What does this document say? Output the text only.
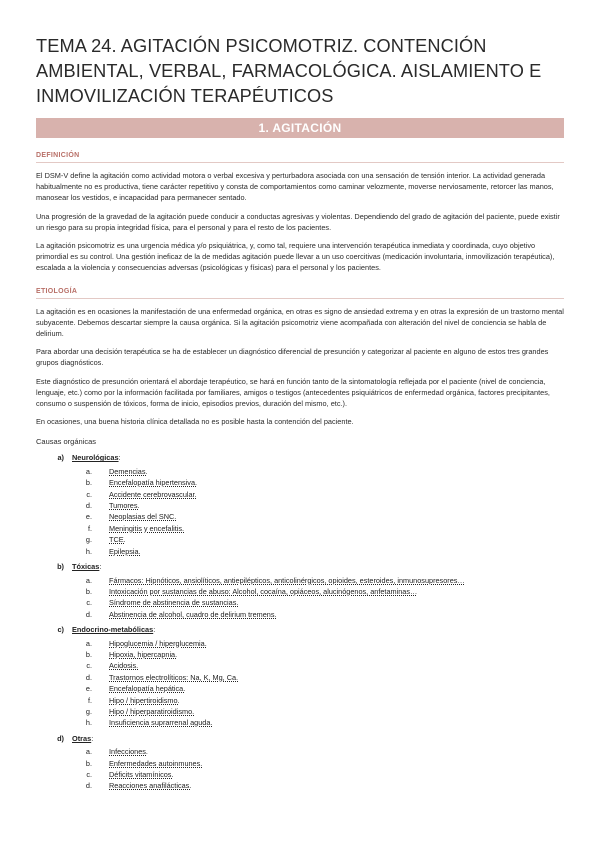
TEMA 24. AGITACIÓN PSICOMOTRIZ. CONTENCIÓN AMBIENTAL, VERBAL, FARMACOLÓGICA. AISLAMIENTO E INMOVILIZACIÓN TERAPÉUTICOS
1. AGITACIÓN
DEFINICIÓN

El DSM-V define la agitación como actividad motora o verbal excesiva y perturbadora asociada con una sensación de tensión interior. La actividad generada habitualmente no es productiva, tiene carácter repetitivo y consta de comportamientos como caminar velozmente, moverse nerviosamente, retorcer las manos, manosear los vestidos, e incapacidad para permanecer sentado.

Una progresión de la gravedad de la agitación puede conducir a conductas agresivas y violentas. Dependiendo del grado de agitación del paciente, puede existir un riesgo para su propia integridad física, para el personal y para el resto de los pacientes.

La agitación psicomotriz es una urgencia médica y/o psiquiátrica, y, como tal, requiere una intervención terapéutica inmediata y coordinada, cuyo objetivo primordial es su control. Una gestión ineficaz de la de medidas agitación puede llevar a un uso coercitivas (medicación involuntaria, inmovilización terapéutica), escalada a la violencia y consecuencias adversas (psicológicas y físicas) para el personal y los pacientes.

ETIOLOGÍA

La agitación es en ocasiones la manifestación de una enfermedad orgánica, en otras es signo de ansiedad extrema y en otras la expresión de un trastorno mental subyacente. Debemos descartar siempre la causa orgánica. Si la agitación psicomotriz viene acompañada con alteración del nivel de conciencia se habla de delirium.

Para abordar una decisión terapéutica se ha de establecer un diagnóstico diferencial de presunción y categorizar al paciente en alguno de estos tres grandes grupos diagnósticos.

Este diagnóstico de presunción orientará el abordaje terapéutico, se hará en función tanto de la sintomatología reflejada por el paciente (nivel de conciencia, lenguaje, etc.) como por la información facilitada por familiares, amigos o testigos (antecedentes psiquiátricos de enfermedad orgánica, factores precipitantes, consumo o suspensión de tóxicos, forma de inicio, episodios previos, duración del mismo, etc.).

En ocasiones, una buena historia clínica detallada no es posible hasta la contención del paciente.

Causas orgánicas
a) Neurológicas:
a. Demencias.
b. Encefalopatía hipertensiva.
c. Accidente cerebrovascular.
d. Tumores.
e. Neoplasias del SNC.
f. Meningitis y encefalitis.
g. TCE.
h. Epilepsia.
b) Tóxicas:
a. Fármacos: Hipnóticos, ansiolíticos, antiepilépticos, anticolinérgicos, opioides, esteroides, inmunosupresores…
b. Intoxicación por sustancias de abuso: Alcohol, cocaína, opiáceos, alucinógenos, anfetaminas…
c. Síndrome de abstinencia de sustancias.
d. Abstinencia de alcohol, cuadro de delirium tremens.
c) Endocrino-metabólicas:
a. Hipoglucemia / hiperglucemia.
b. Hipoxia, hipercapnia.
c. Acidosis.
d. Trastornos electrolíticos: Na, K, Mg, Ca.
e. Encefalopatía hepática.
f. Hipo / hipertiroidismo.
g. Hipo / hiperparatiroidismo.
h. Insuficiencia suprarrenal aguda.
d) Otras:
a. Infecciones.
b. Enfermedades autoinmunes.
c. Déficits vitamínicos.
d. Reacciones anafilácticas.
